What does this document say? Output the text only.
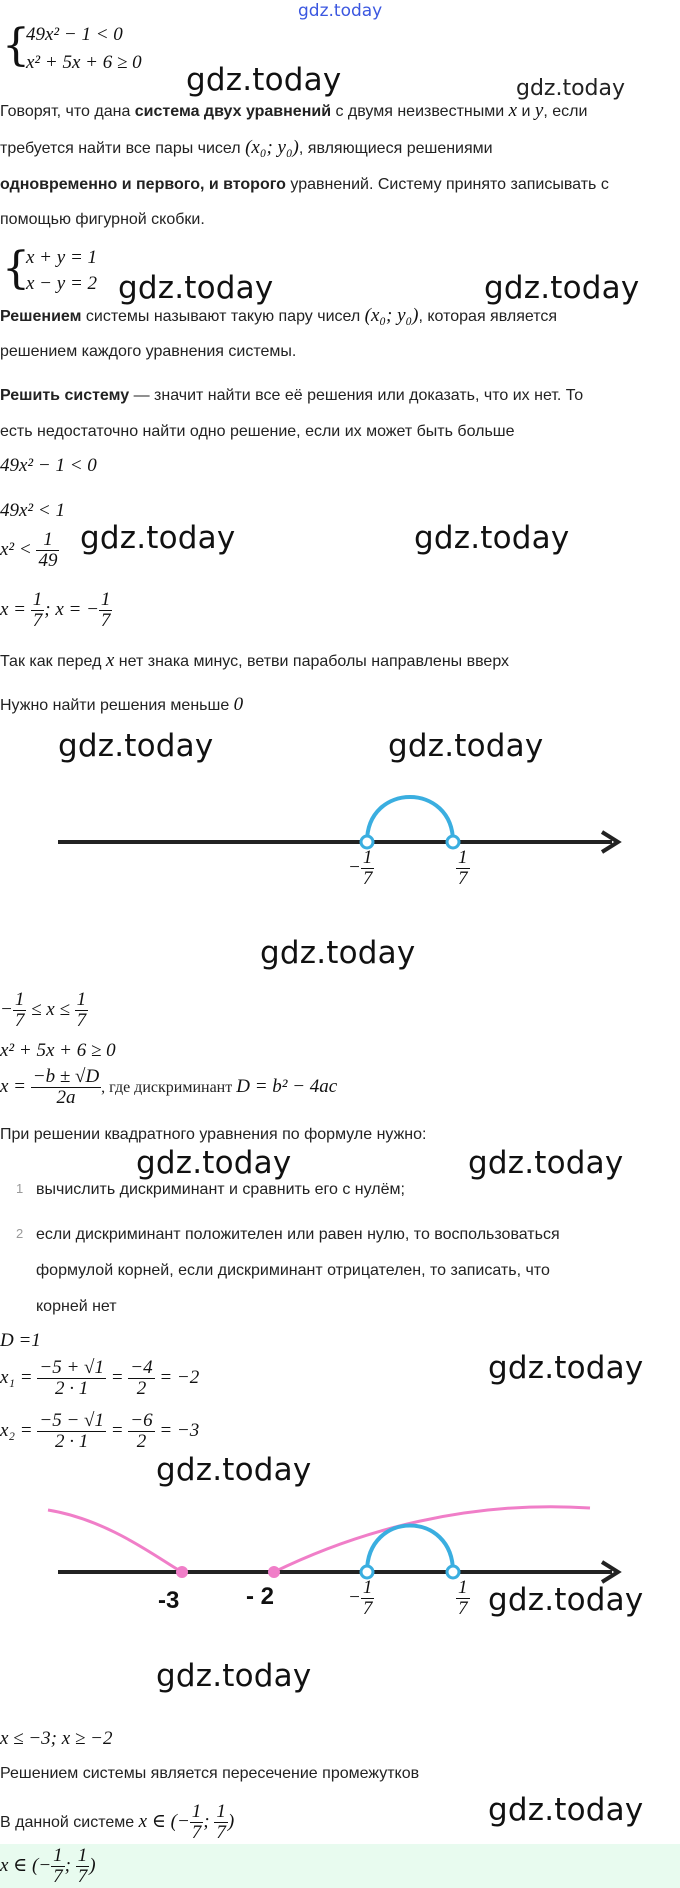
gdz.today
{
49x² − 1 < 0
x² + 5x + 6 ≥ 0 gdz.today	gdz.today
Говорят, что дана система двух уравнений с двумя неизвестными x и y, если
требуется найти все пары чисел (x₀; y₀), являющиеся решениями
одновременно и первого, и второго уравнений. Систему принято записывать с
помощью фигурной скобки.
{
x + y = 1
x − y = 2 gdz.today	gdz.today
Решением системы называют такую пару чисел (x₀; y₀), которая является
решением каждого уравнения системы.
Решить систему — значит найти все её решения или доказать, что их нет. То
есть недостаточно найти одно решение, если их может быть больше
49x² − 1 < 0
49x² < 1
$x^2 < \frac{1}{49}$ gdz.today	gdz.today
$x = \frac{1}{7}$ ; x = − $\frac{1}{7}$
Так как перед x нет знака минус, ветви параболы направлены вверх
Нужно найти решения меньше 0
gdz.today	gdz.today
− $\frac{1}{7}$	$\frac{1}{7}$
gdz.today
− $\frac{1}{7} \le x \le \frac{1}{7}$
x² + 5x + 6 ≥ 0
$x = \frac{-b \pm √D}{2a}$ , где дискриминант D = b² − 4ac
При решении квадратного уравнения по формуле нужно:
gdz.today	gdz.today
1 вычислить дискриминант и сравнить его с нулём;
2 если дискриминант положителен или равен нулю, то воспользоваться
формулой корней, если дискриминант отрицателен, то записать, что
корней нет
D =1
gdz.today
$x_1 = \frac{-5 + √1}{2 \cdot 1} = \frac{-4}{2} = -2$
$x_2 = \frac{-5 - √1}{2 \cdot 1} = \frac{-6}{2} = -3$
gdz.today
-3	- 2	− $\frac{1}{7}$	$\frac{1}{7}$ gdz.today
gdz.today
x ≤ −3; x ≥ −2
Решением системы является пересечение промежутков
gdz.today
В данной системе x ∈ (− $\frac{1}{7}$ ; $\frac{1}{7}$ )
x ∈ (− $\frac{1}{7}$ ; $\frac{1}{7}$ )
